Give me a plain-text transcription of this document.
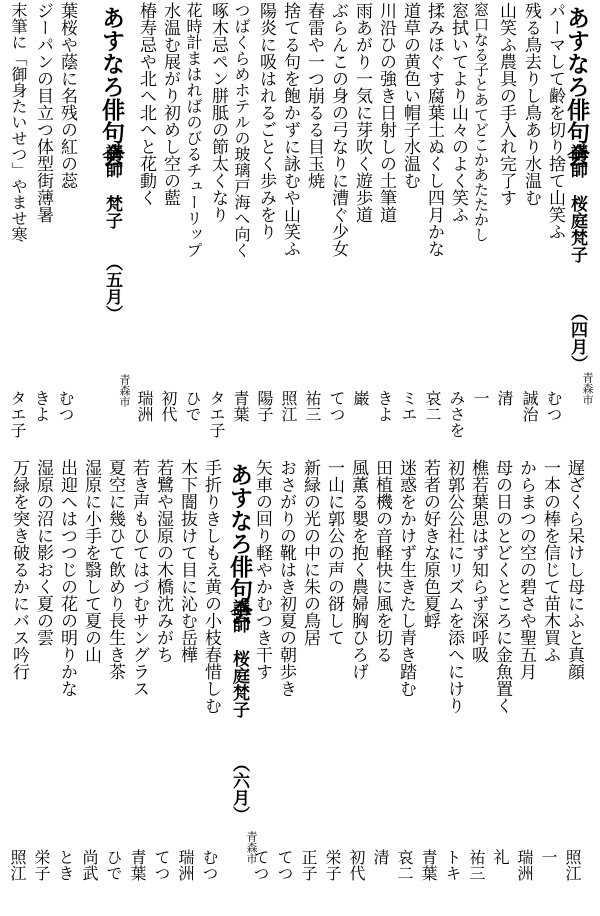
あすなろ俳句会
講師　桜庭梵子
（四月）
青森市
パーマして齢を切り捨て山笑ふ
むつ
残る鳥去りし鳥あり水温む
誠治
山笑ふ農具の手入れ完了す
清
窓口なる子とあてどこかあたたかし
一
窓拭いてより山々のよく笑ふ
みさを
揉みほぐす腐葉土ぬくし四月かな
哀二
道草の黄色い帽子水温む
ミエ
川沿ひの強き日射しの土筆道
きよ
雨あがり一気に芽吹く遊歩道
巌
ぶらんこの身の弓なりに漕ぐ少女
てつ
春雷や一つ崩るる目玉焼
祐三
捨てる句を飽かずに詠むや山笑ふ
照江
陽炎に吸はれるごとく歩みをり
陽子
つばくらめホテルの玻璃戸海へ向く
青葉
啄木忌ペン胼胝の節太くなり
タエ子
花時計まはればのびるチューリップ
ひで
水温む展がり初めし空の藍
初代
椿寿忌や北へ北へと花動く
瑞洲
あすなろ俳句会
講師　梵子
（五月）
青森市
葉桜や蔭に名残の紅の蕊
むつ
ジーパンの目立つ体型街薄暑
きよ
末筆に「御身たいせつ」やませ寒
タエ子
遅ざくら呆けし母にふと真顔
照江
一本の棒を信じて苗木買ふ
一
からまつの空の碧さや聖五月
瑞洲
母の日のとどくところに金魚置く
礼
樵若葉思はず知らず深呼吸
祐三
初郭公公社にリズムを添へにけり
トキ
若者の好きな原色夏蜉
青葉
迷惑をかけず生きたし青き踏む
哀二
田植機の音軽快に風を切る
清
風薫る嬰を抱く農婦胸ひろげ
初代
一山に郭公の声の谺して
栄子
新緑の光の中に朱の鳥居
正子
おさがりの靴はき初夏の朝歩き
てつ
矢車の回り軽やかむつき干す
てつ
あすなろ俳句会
講師　桜庭梵子
（六月）
青森市
手折りきしもえ黄の小枝春惜しむ
むつ
木下闇抜けて目に沁む岳樺
瑞洲
若鷺や湿原の木橋沈みがち
てつ
若き声もひてはづむサングラス
青葉
夏空に幾ひて飲めり長生き茶
ひで
湿原に小手を翳して夏の山
尚武
出迎へはつつじの花の明りかな
とき
湿原の沼に影おく夏の雲
栄子
万緑を突き破るかにバス吟行
照江
